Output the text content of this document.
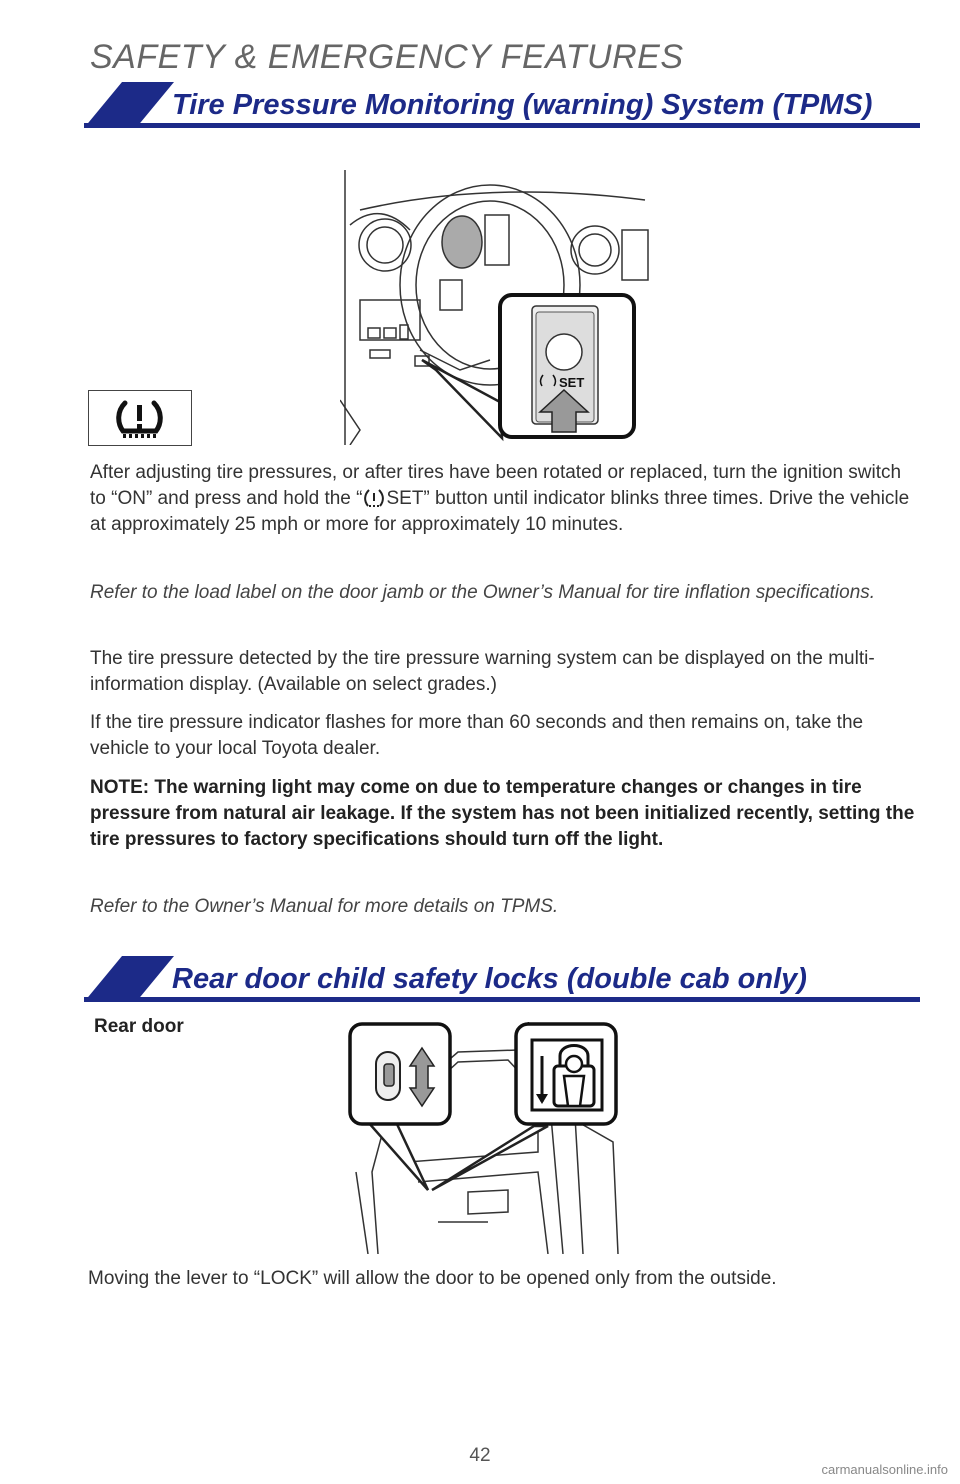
SAFETY & EMERGENCY FEATURES
Tire Pressure Monitoring (warning) System (TPMS)
SET

After adjusting tire pressures, or after tires have been rotated or replaced, turn the ignition switch to “ON” and press and hold the “ SET” button until indicator blinks three times. Drive the vehicle at approximately 25 mph or more for approximately 10 minutes.

Refer to the load label on the door jamb or the Owner’s Manual for tire inflation specifications.

The tire pressure detected by the tire pressure warning system can be displayed on the multi-information display. (Available on select grades.)

If the tire pressure indicator flashes for more than 60 seconds and then remains on, take the vehicle to your local Toyota dealer.

NOTE: The warning light may come on due to temperature changes or changes in tire pressure from natural air leakage. If the system has not been initialized recently, setting the tire pressures to factory specifications should turn off the light.

Refer to the Owner’s Manual for more details on TPMS.

Rear door child safety locks (double cab only)
Rear door

Moving the lever to “LOCK” will allow the door to be opened only from the outside.

42
carmanualsonline.info
